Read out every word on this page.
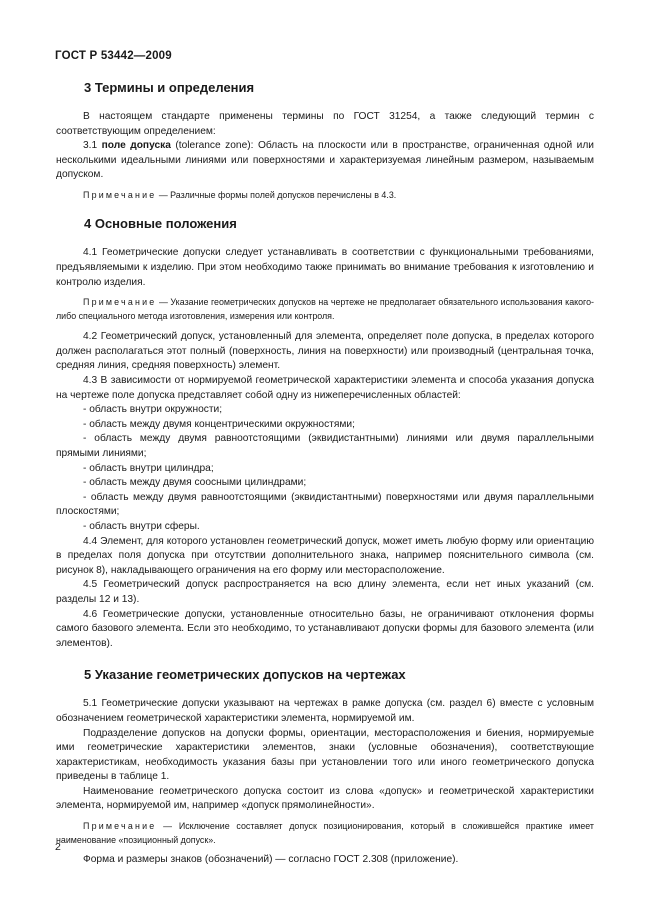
ГОСТ Р 53442—2009
3 Термины и определения

В настоящем стандарте применены термины по ГОСТ 31254, а также следующий термин с соответствующим определением:

3.1 поле допуска (tolerance zone): Область на плоскости или в пространстве, ограниченная одной или несколькими идеальными линиями или поверхностями и характеризуемая линейным размером, называемым допуском.

Примечание — Различные формы полей допусков перечислены в 4.3.

4 Основные положения

4.1 Геометрические допуски следует устанавливать в соответствии с функциональными требованиями, предъявляемыми к изделию. При этом необходимо также принимать во внимание требования к изготовлению и контролю изделия.

Примечание — Указание геометрических допусков на чертеже не предполагает обязательного использования какого-либо специального метода изготовления, измерения или контроля.

4.2 Геометрический допуск, установленный для элемента, определяет поле допуска, в пределах которого должен располагаться этот полный (поверхность, линия на поверхности) или производный (центральная точка, средняя линия, средняя поверхность) элемент.

4.3 В зависимости от нормируемой геометрической характеристики элемента и способа указания допуска на чертеже поле допуска представляет собой одну из нижеперечисленных областей:

- область внутри окружности;

- область между двумя концентрическими окружностями;

- область между двумя равноотстоящими (эквидистантными) линиями или двумя параллельными прямыми линиями;

- область внутри цилиндра;

- область между двумя соосными цилиндрами;

- область между двумя равноотстоящими (эквидистантными) поверхностями или двумя параллельными плоскостями;

- область внутри сферы.

4.4 Элемент, для которого установлен геометрический допуск, может иметь любую форму или ориентацию в пределах поля допуска при отсутствии дополнительного знака, например пояснительного символа (см. рисунок 8), накладывающего ограничения на его форму или месторасположение.

4.5 Геометрический допуск распространяется на всю длину элемента, если нет иных указаний (см. разделы 12 и 13).

4.6 Геометрические допуски, установленные относительно базы, не ограничивают отклонения формы самого базового элемента. Если это необходимо, то устанавливают допуски формы для базового элемента (или элементов).

5 Указание геометрических допусков на чертежах

5.1 Геометрические допуски указывают на чертежах в рамке допуска (см. раздел 6) вместе с условным обозначением геометрической характеристики элемента, нормируемой им.

Подразделение допусков на допуски формы, ориентации, месторасположения и биения, нормируемые ими геометрические характеристики элементов, знаки (условные обозначения), соответствующие характеристикам, необходимость указания базы при установлении того или иного геометрического допуска приведены в таблице 1.

Наименование геометрического допуска состоит из слова «допуск» и геометрической характеристики элемента, нормируемой им, например «допуск прямолинейности».

Примечание — Исключение составляет допуск позиционирования, который в сложившейся практике имеет наименование «позиционный допуск».

Форма и размеры знаков (обозначений) — согласно ГОСТ 2.308 (приложение).

2
